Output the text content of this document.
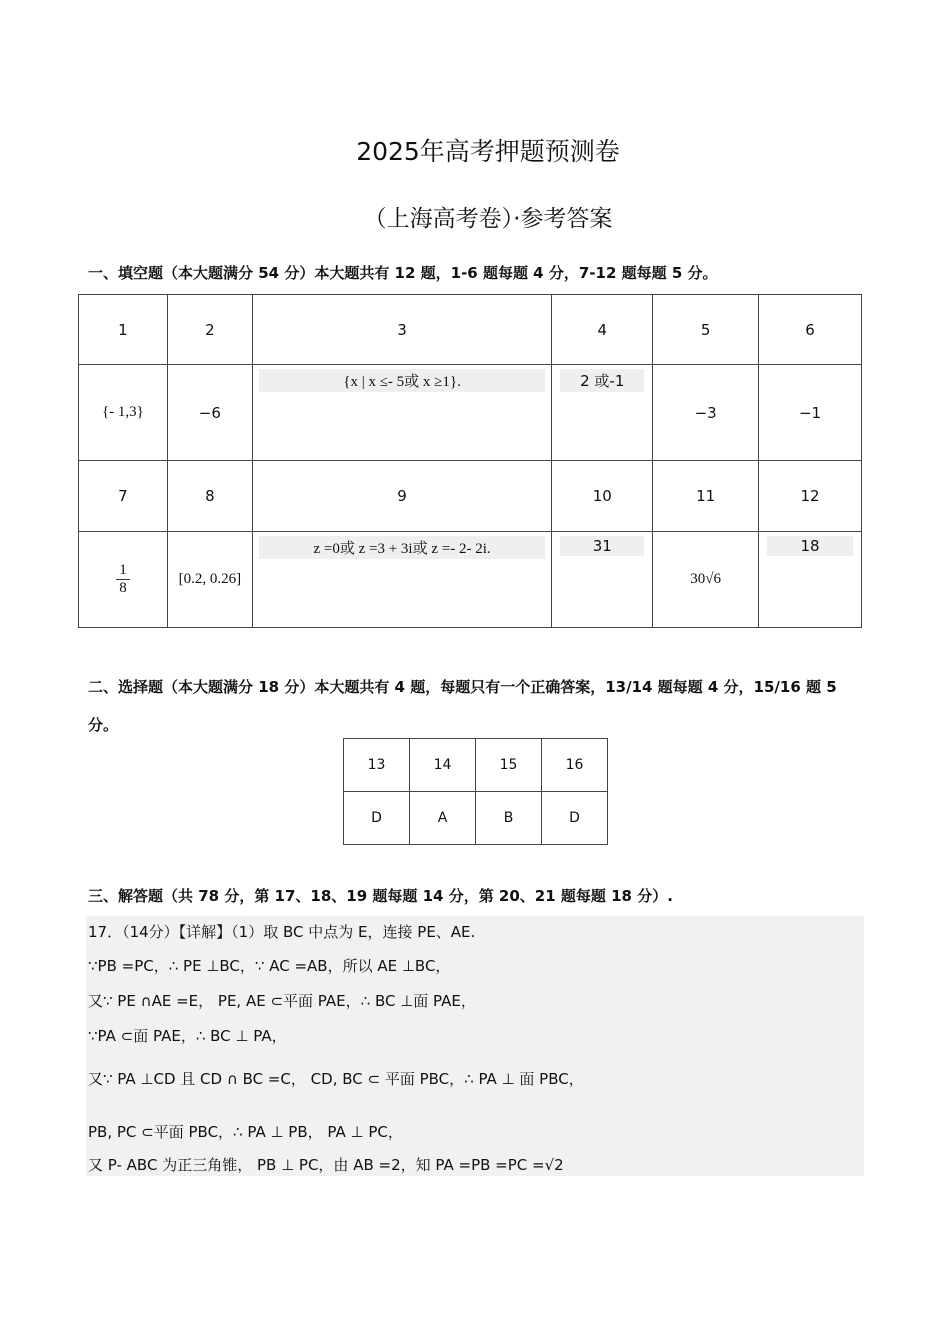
2025年高考押题预测卷
（上海高考卷）·参考答案
一、填空题（本大题满分 54 分）本大题共有 12 题，1-6 题每题 4 分，7-12 题每题 5 分。
1	2	3	4	5	6
{- 1,3}	−6	{x | x ≤- 5或 x ≥1}.	2 或-1	−3	−1
7	8	9	10	11	12

$\frac{1}{8}$	[0.2, 0.26]	z =0或 z =3 + 3i或 z =- 2- 2i.	31	30√6	18
二、选择题（本大题满分 18 分）本大题共有 4 题，每题只有一个正确答案，13/14 题每题 4 分，15/16 题 5 分。
13	14	15	16
D	A	B	D
三、解答题（共 78 分，第 17、18、19 题每题 14 分，第 20、21 题每题 18 分）.
17．（14分）【详解】（1）取 BC 中点为 E，连接 PE、AE.
∵PB =PC，∴ PE ⊥BC，∵ AC =AB，所以 AE ⊥BC，
又∵ PE ∩AE =E， PE, AE ⊂平面 PAE，∴ BC ⊥面 PAE，
∵PA ⊂面 PAE，∴ BC ⊥ PA，
又∵ PA ⊥CD 且 CD ∩ BC =C， CD, BC ⊂ 平面 PBC，∴ PA ⊥ 面 PBC，
PB, PC ⊂平面 PBC，∴ PA ⊥ PB， PA ⊥ PC，
又 P- ABC 为正三角锥， PB ⊥ PC，由 AB =2，知 PA =PB =PC =√2
